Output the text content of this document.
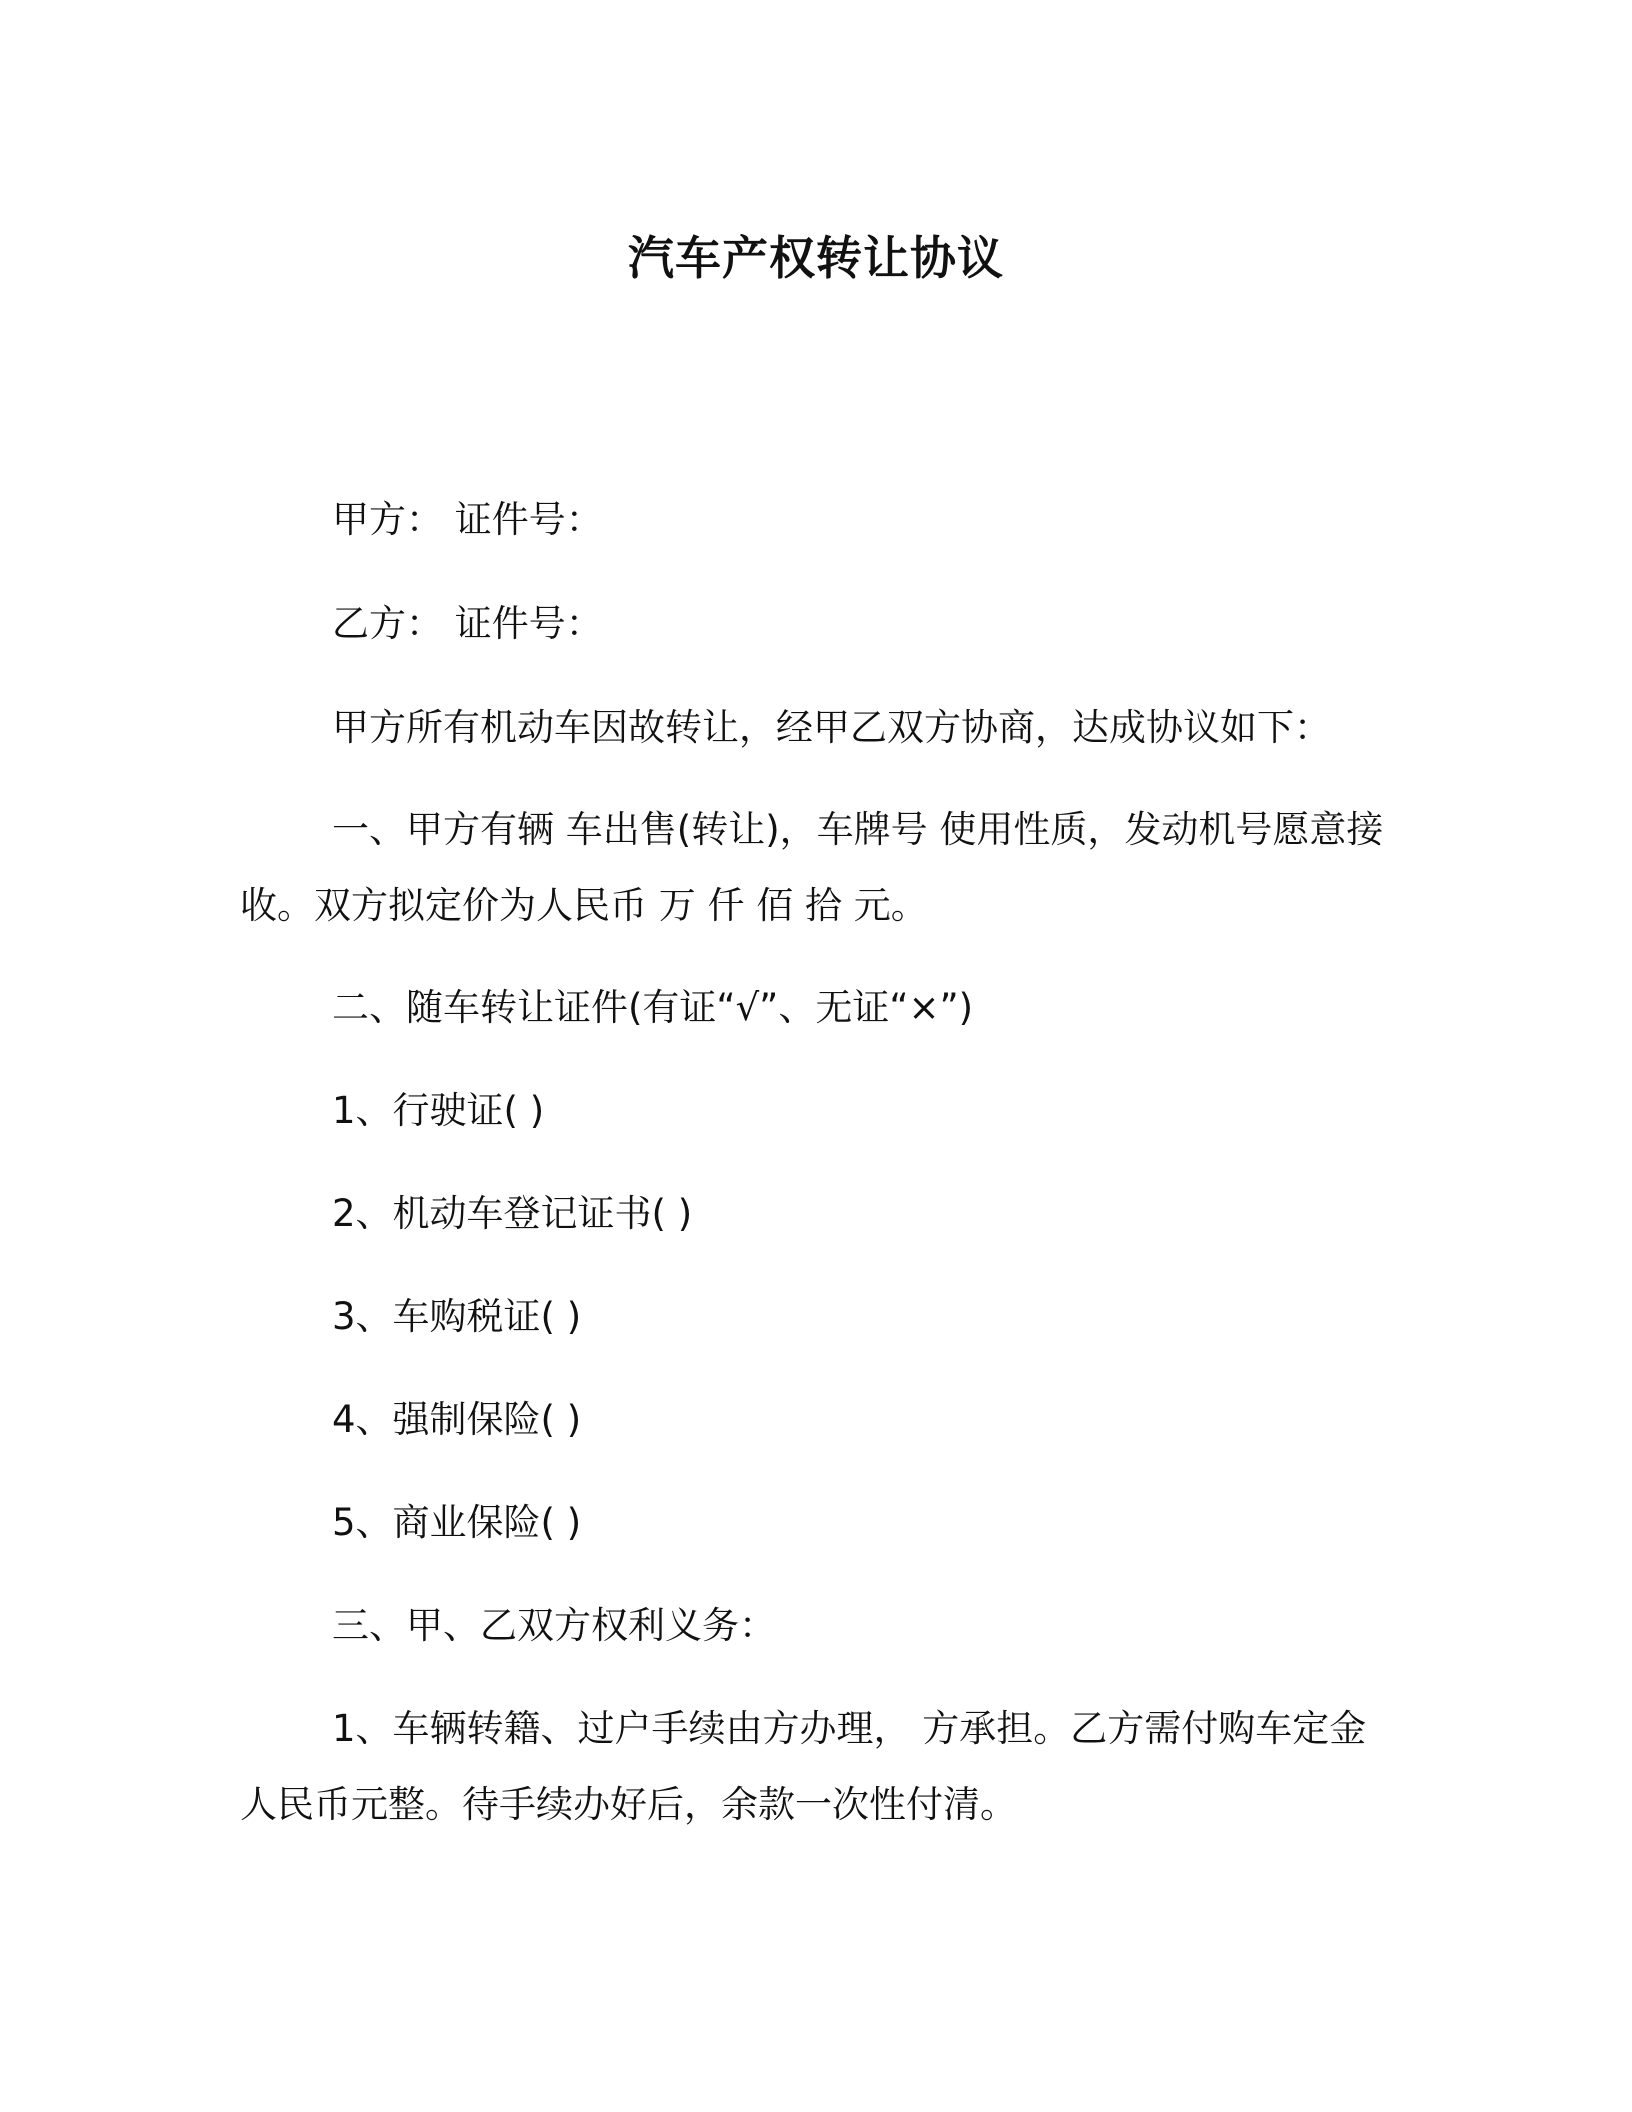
汽车产权转让协议
甲方： 证件号：
乙方： 证件号：
甲方所有机动车因故转让，经甲乙双方协商，达成协议如下：
一、甲方有辆 车出售(转让)，车牌号 使用性质，发动机号愿意接
收。双方拟定价为人民币 万 仟 佰 拾 元。
二、随车转让证件(有证“√”、无证“×”)
1、行驶证( )
2、机动车登记证书( )
3、车购税证( )
4、强制保险( )
5、商业保险( )
三、甲、乙双方权利义务：
1、车辆转籍、过户手续由方办理， 方承担。乙方需付购车定金
人民币元整。待手续办好后，余款一次性付清。
